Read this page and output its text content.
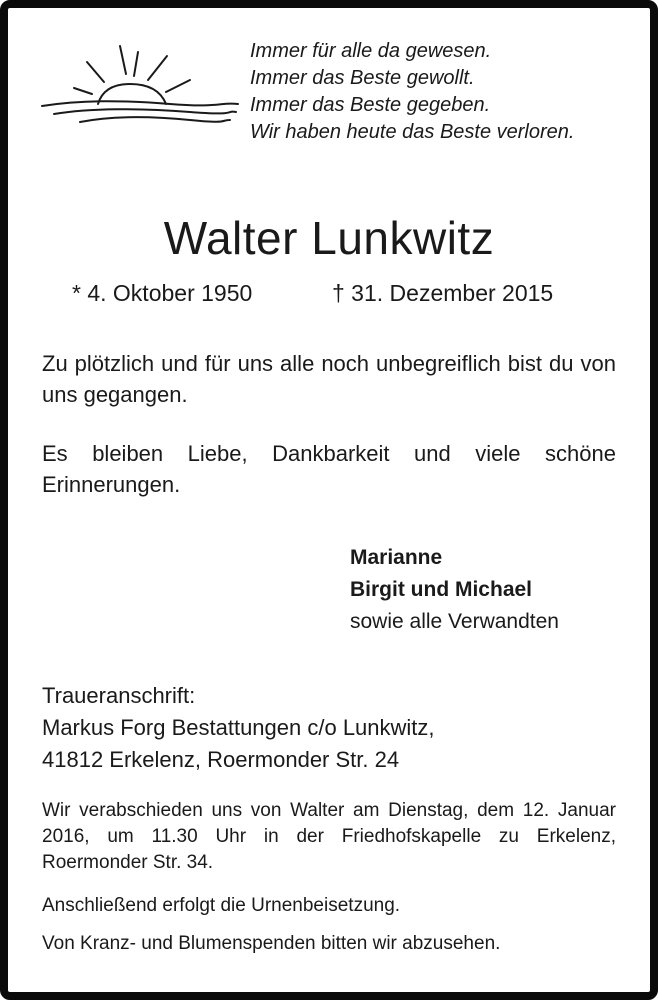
Immer für alle da gewesen.
Immer das Beste gewollt.
Immer das Beste gegeben.
Wir haben heute das Beste verloren.
Walter Lunkwitz
* 4. Oktober 1950	† 31. Dezember 2015
Zu plötzlich und für uns alle noch unbegreiflich bist du von uns gegangen.
Es bleiben Liebe, Dankbarkeit und viele schöne Erinnerungen.
Marianne
Birgit und Michael
sowie alle Verwandten
Traueranschrift:
Markus Forg Bestattungen c/o Lunkwitz,
41812 Erkelenz, Roermonder Str. 24
Wir verabschieden uns von Walter am Dienstag, dem 12. Januar 2016, um 11.30 Uhr in der Friedhofskapelle zu Erkelenz, Roermonder Str. 34.
Anschließend erfolgt die Urnenbeisetzung.
Von Kranz- und Blumenspenden bitten wir abzusehen.
